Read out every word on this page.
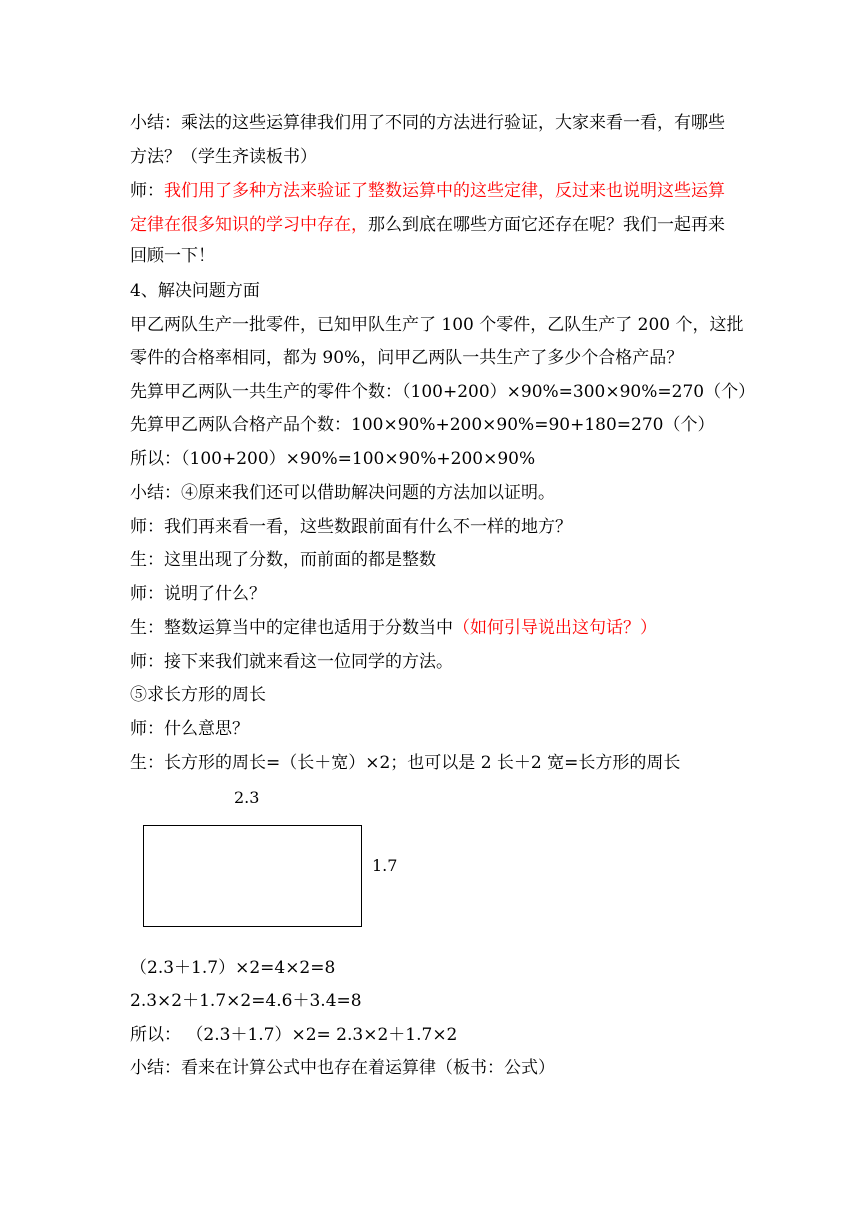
小结：乘法的这些运算律我们用了不同的方法进行验证，大家来看一看，有哪些
方法？（学生齐读板书）
师：我们用了多种方法来验证了整数运算中的这些定律，反过来也说明这些运算
定律在很多知识的学习中存在，那么到底在哪些方面它还存在呢？我们一起再来
回顾一下！
4、解决问题方面
甲乙两队生产一批零件，已知甲队生产了 100 个零件，乙队生产了 200 个，这批
零件的合格率相同，都为 90%，问甲乙两队一共生产了多少个合格产品？
先算甲乙两队一共生产的零件个数：（100+200）×90%=300×90%=270（个）
先算甲乙两队合格产品个数：100×90%+200×90%=90+180=270（个）
所以：（100+200）×90%=100×90%+200×90%
小结：④原来我们还可以借助解决问题的方法加以证明。
师：我们再来看一看，这些数跟前面有什么不一样的地方？
生：这里出现了分数，而前面的都是整数
师：说明了什么？
生：整数运算当中的定律也适用于分数当中（如何引导说出这句话？）
师：接下来我们就来看这一位同学的方法。
⑤求长方形的周长
师：什么意思？
生：长方形的周长=（长＋宽）×2；也可以是 2 长＋2 宽=长方形的周长
2.3
1.7
（2.3＋1.7）×2=4×2=8
2.3×2＋1.7×2=4.6＋3.4=8
所以： （2.3＋1.7）×2= 2.3×2＋1.7×2
小结：看来在计算公式中也存在着运算律（板书：公式）
